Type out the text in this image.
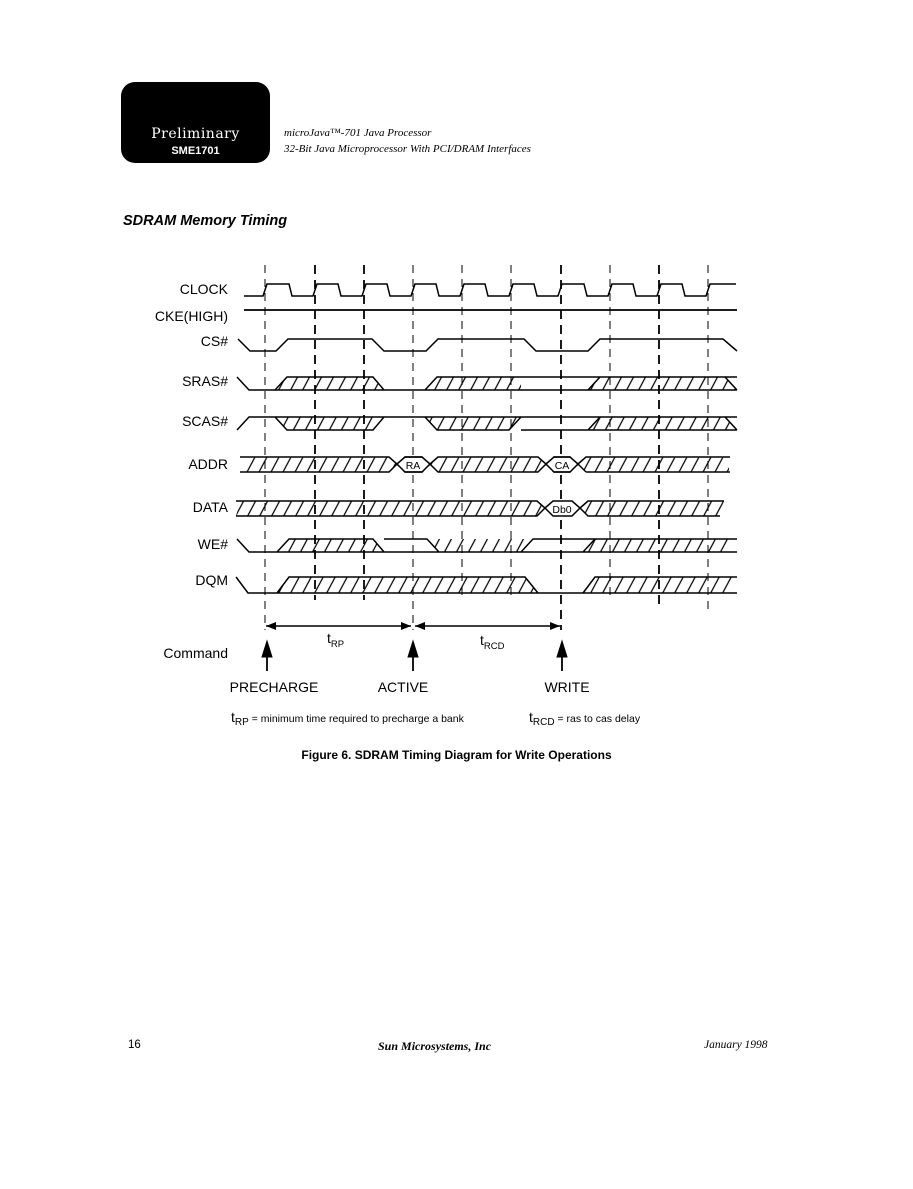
Preliminary
SME1701
microJava™-701 Java Processor
32-Bit Java Microprocessor With PCI/DRAM Interfaces
SDRAM Memory Timing
CLOCK
CKE(HIGH)
CS#
SRAS#
SCAS#
ADDR
DATA
WE#
DQM
RA	CA
Db0
$t_{RP}$	$t_{RCD}$
Command
PRECHARGE	ACTIVE	WRITE
tRP = minimum time required to precharge a bank	tRCD = ras to cas delay
Figure 6. SDRAM Timing Diagram for Write Operations
16	Sun Microsystems, Inc	January 1998
